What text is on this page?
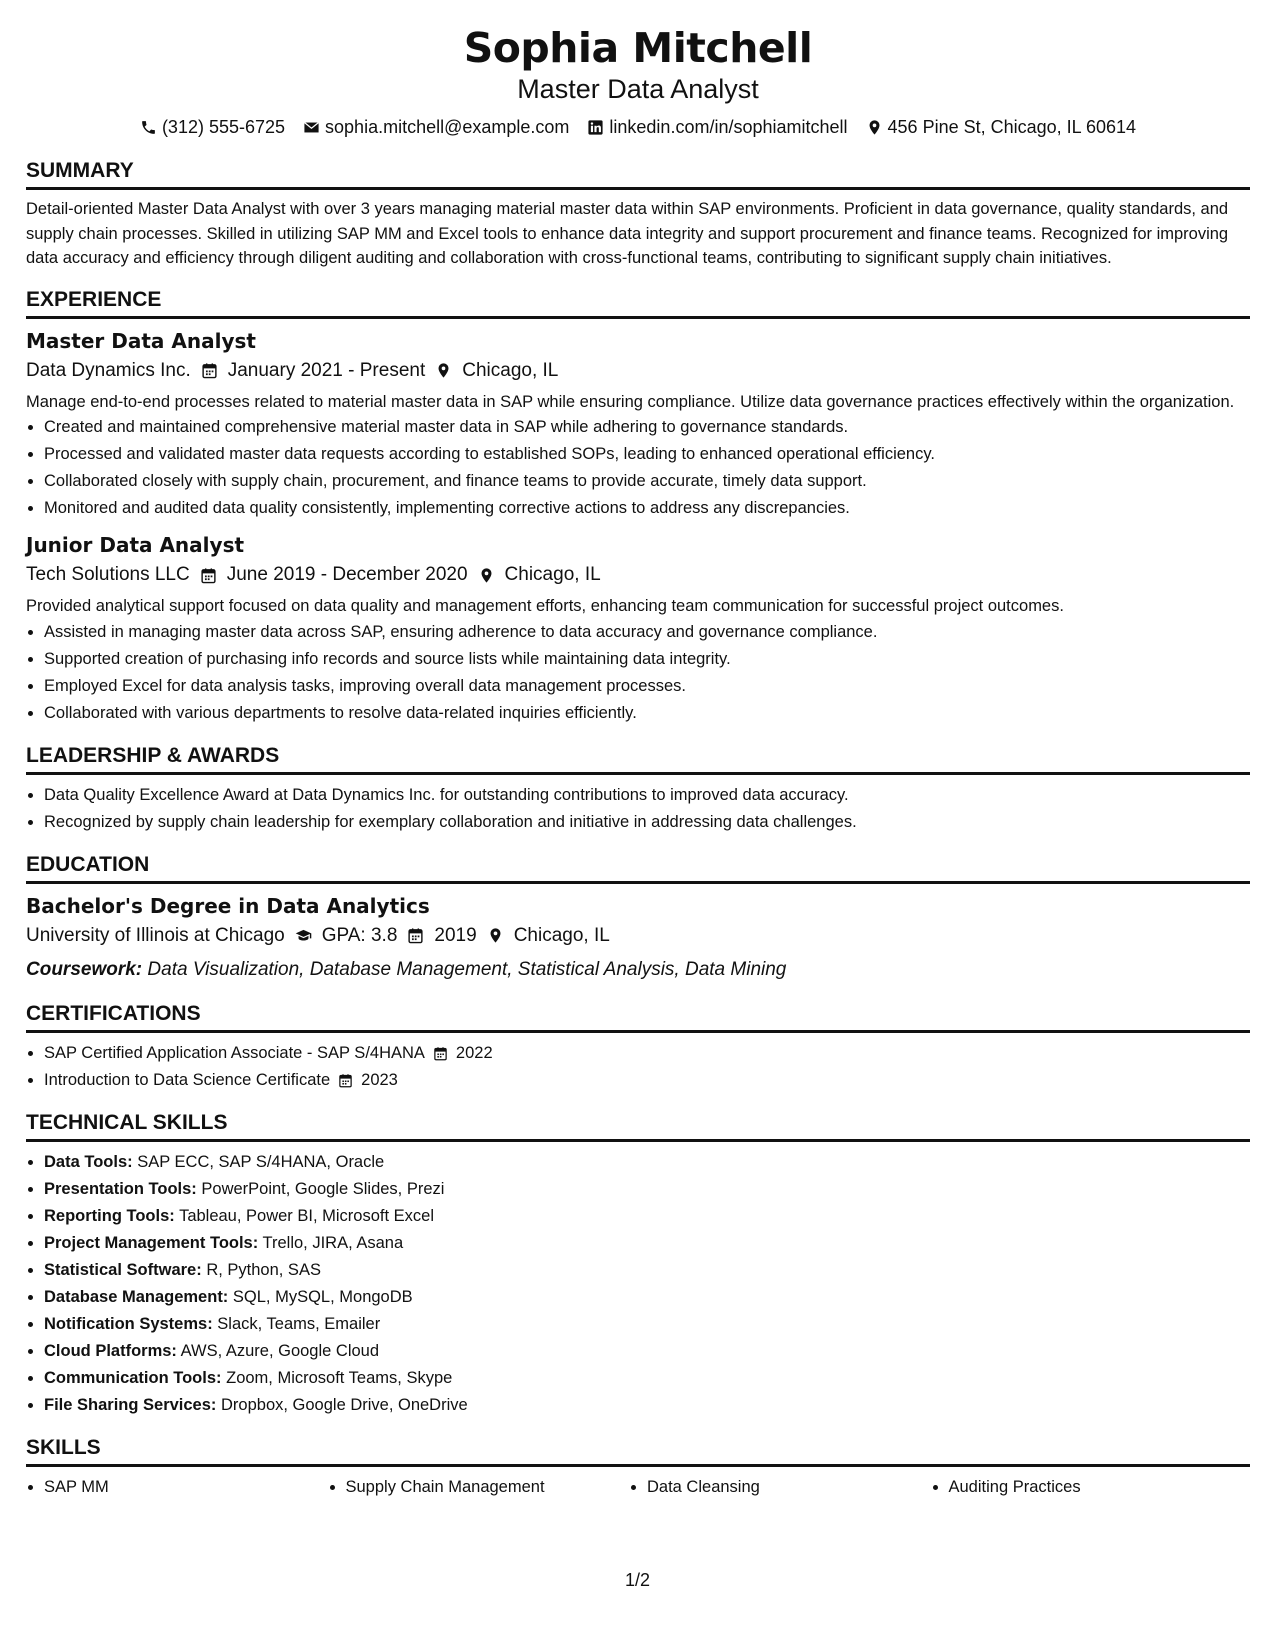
Sophia Mitchell
Master Data Analyst
(312) 555-6725 sophia.mitchell@example.com linkedin.com/in/sophiamitchell 456 Pine St, Chicago, IL 60614
SUMMARY
Detail-oriented Master Data Analyst with over 3 years managing material master data within SAP environments. Proficient in data governance, quality standards, and supply chain processes. Skilled in utilizing SAP MM and Excel tools to enhance data integrity and support procurement and finance teams. Recognized for improving data accuracy and efficiency through diligent auditing and collaboration with cross-functional teams, contributing to significant supply chain initiatives.
EXPERIENCE
Master Data Analyst
Data Dynamics Inc. January 2021 - Present Chicago, IL
Manage end-to-end processes related to material master data in SAP while ensuring compliance. Utilize data governance practices effectively within the organization.
• Created and maintained comprehensive material master data in SAP while adhering to governance standards.
• Processed and validated master data requests according to established SOPs, leading to enhanced operational efficiency.
• Collaborated closely with supply chain, procurement, and finance teams to provide accurate, timely data support.
• Monitored and audited data quality consistently, implementing corrective actions to address any discrepancies.
Junior Data Analyst
Tech Solutions LLC June 2019 - December 2020 Chicago, IL
Provided analytical support focused on data quality and management efforts, enhancing team communication for successful project outcomes.
• Assisted in managing master data across SAP, ensuring adherence to data accuracy and governance compliance.
• Supported creation of purchasing info records and source lists while maintaining data integrity.
• Employed Excel for data analysis tasks, improving overall data management processes.
• Collaborated with various departments to resolve data-related inquiries efficiently.
LEADERSHIP & AWARDS
• Data Quality Excellence Award at Data Dynamics Inc. for outstanding contributions to improved data accuracy.
• Recognized by supply chain leadership for exemplary collaboration and initiative in addressing data challenges.
EDUCATION
Bachelor's Degree in Data Analytics
University of Illinois at Chicago GPA: 3.8 2019 Chicago, IL
Coursework: Data Visualization, Database Management, Statistical Analysis, Data Mining
CERTIFICATIONS
• SAP Certified Application Associate - SAP S/4HANA 2022
• Introduction to Data Science Certificate 2023
TECHNICAL SKILLS
• Data Tools: SAP ECC, SAP S/4HANA, Oracle
• Presentation Tools: PowerPoint, Google Slides, Prezi
• Reporting Tools: Tableau, Power BI, Microsoft Excel
• Project Management Tools: Trello, JIRA, Asana
• Statistical Software: R, Python, SAS
• Database Management: SQL, MySQL, MongoDB
• Notification Systems: Slack, Teams, Emailer
• Cloud Platforms: AWS, Azure, Google Cloud
• Communication Tools: Zoom, Microsoft Teams, Skype
• File Sharing Services: Dropbox, Google Drive, OneDrive
SKILLS
• SAP MM	• Supply Chain Management	• Data Cleansing	• Auditing Practices
1/2
